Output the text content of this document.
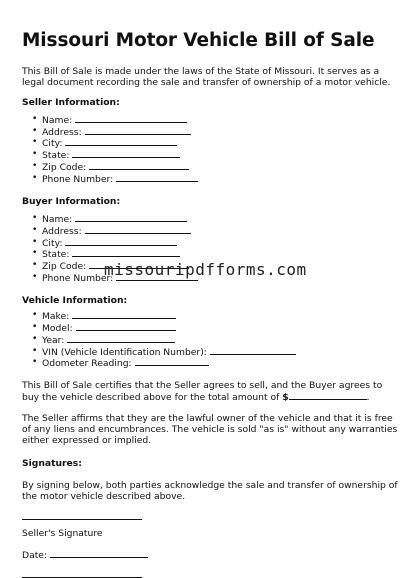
Missouri Motor Vehicle Bill of Sale

This Bill of Sale is made under the laws of the State of Missouri. It serves as a legal document recording the sale and transfer of ownership of a motor vehicle.

Seller Information:
• Name:
• Address:
• City:
• State:
• Zip Code:
• Phone Number:
Buyer Information:
• Name:
• Address:
• City:
• State:
• Zip Code:
• Phone Number:
Vehicle Information:
• Make:
• Model:
• Year:
• VIN (Vehicle Identification Number):
• Odometer Reading:

This Bill of Sale certifies that the Seller agrees to sell, and the Buyer agrees to buy the vehicle described above for the total amount of $	.

The Seller affirms that they are the lawful owner of the vehicle and that it is free of any liens and encumbrances. The vehicle is sold "as is" without any warranties either expressed or implied.

Signatures:

By signing below, both parties acknowledge the sale and transfer of ownership of the motor vehicle described above.

Seller's Signature
Date:
missouripdfforms.com
